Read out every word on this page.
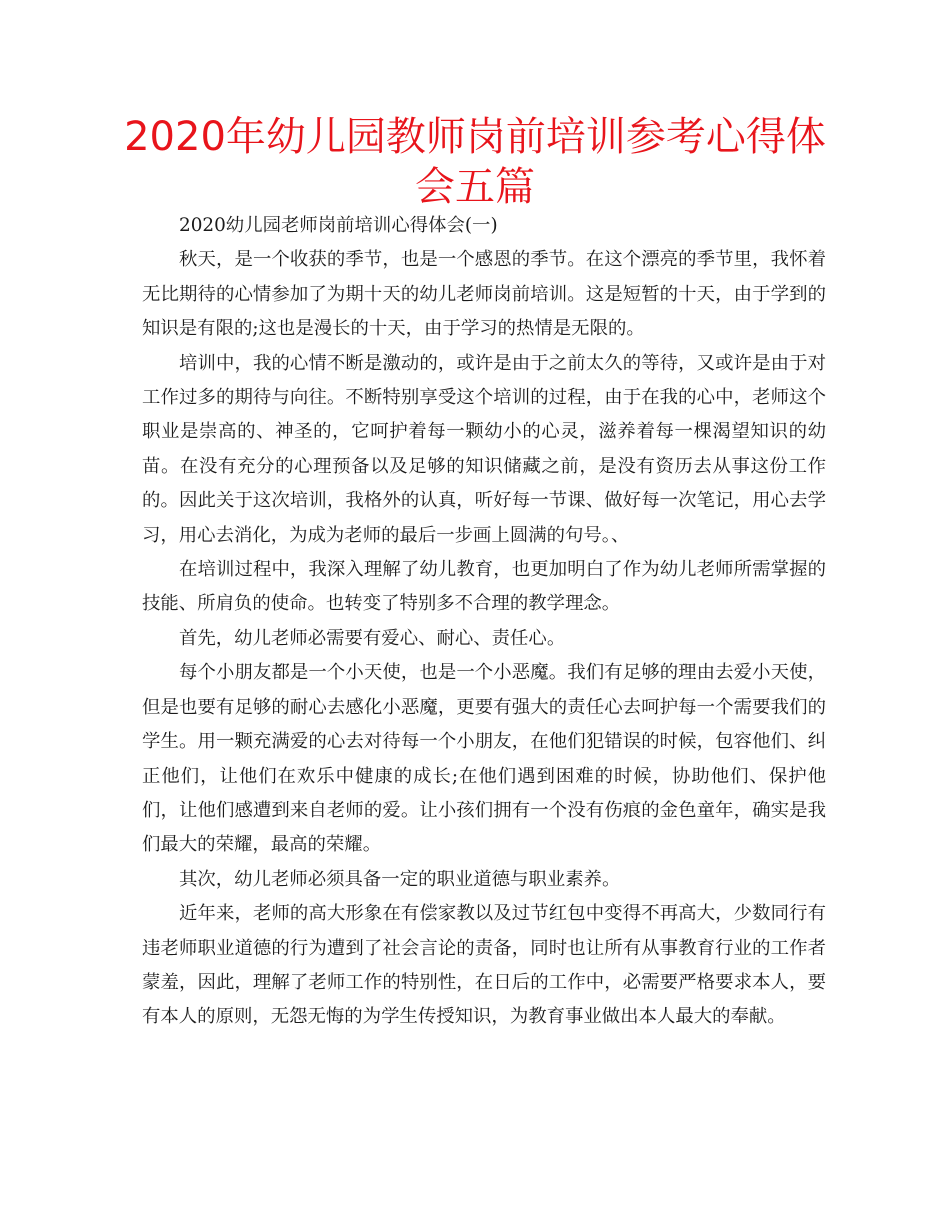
2020年幼儿园教师岗前培训参考心得体会五篇

2020幼儿园老师岗前培训心得体会(一)

秋天，是一个收获的季节，也是一个感恩的季节。在这个漂亮的季节里，我怀着无比期待的心情参加了为期十天的幼儿老师岗前培训。这是短暂的十天，由于学到的知识是有限的;这也是漫长的十天，由于学习的热情是无限的。

培训中，我的心情不断是激动的，或许是由于之前太久的等待，又或许是由于对工作过多的期待与向往。不断特别享受这个培训的过程，由于在我的心中，老师这个职业是崇高的、神圣的，它呵护着每一颗幼小的心灵，滋养着每一棵渴望知识的幼苗。在没有充分的心理预备以及足够的知识储藏之前，是没有资历去从事这份工作的。因此关于这次培训，我格外的认真，听好每一节课、做好每一次笔记，用心去学习，用心去消化，为成为老师的最后一步画上圆满的句号。、

在培训过程中，我深入理解了幼儿教育，也更加明白了作为幼儿老师所需掌握的技能、所肩负的使命。也转变了特别多不合理的教学理念。

首先，幼儿老师必需要有爱心、耐心、责任心。

每个小朋友都是一个小天使，也是一个小恶魔。我们有足够的理由去爱小天使，但是也要有足够的耐心去感化小恶魔，更要有强大的责任心去呵护每一个需要我们的学生。用一颗充满爱的心去对待每一个小朋友，在他们犯错误的时候，包容他们、纠正他们，让他们在欢乐中健康的成长;在他们遇到困难的时候，协助他们、保护他们，让他们感遭到来自老师的爱。让小孩们拥有一个没有伤痕的金色童年，确实是我们最大的荣耀，最高的荣耀。

其次，幼儿老师必须具备一定的职业道德与职业素养。

近年来，老师的高大形象在有偿家教以及过节红包中变得不再高大，少数同行有违老师职业道德的行为遭到了社会言论的责备，同时也让所有从事教育行业的工作者蒙羞，因此，理解了老师工作的特别性，在日后的工作中，必需要严格要求本人，要有本人的原则，无怨无悔的为学生传授知识，为教育事业做出本人最大的奉献。
